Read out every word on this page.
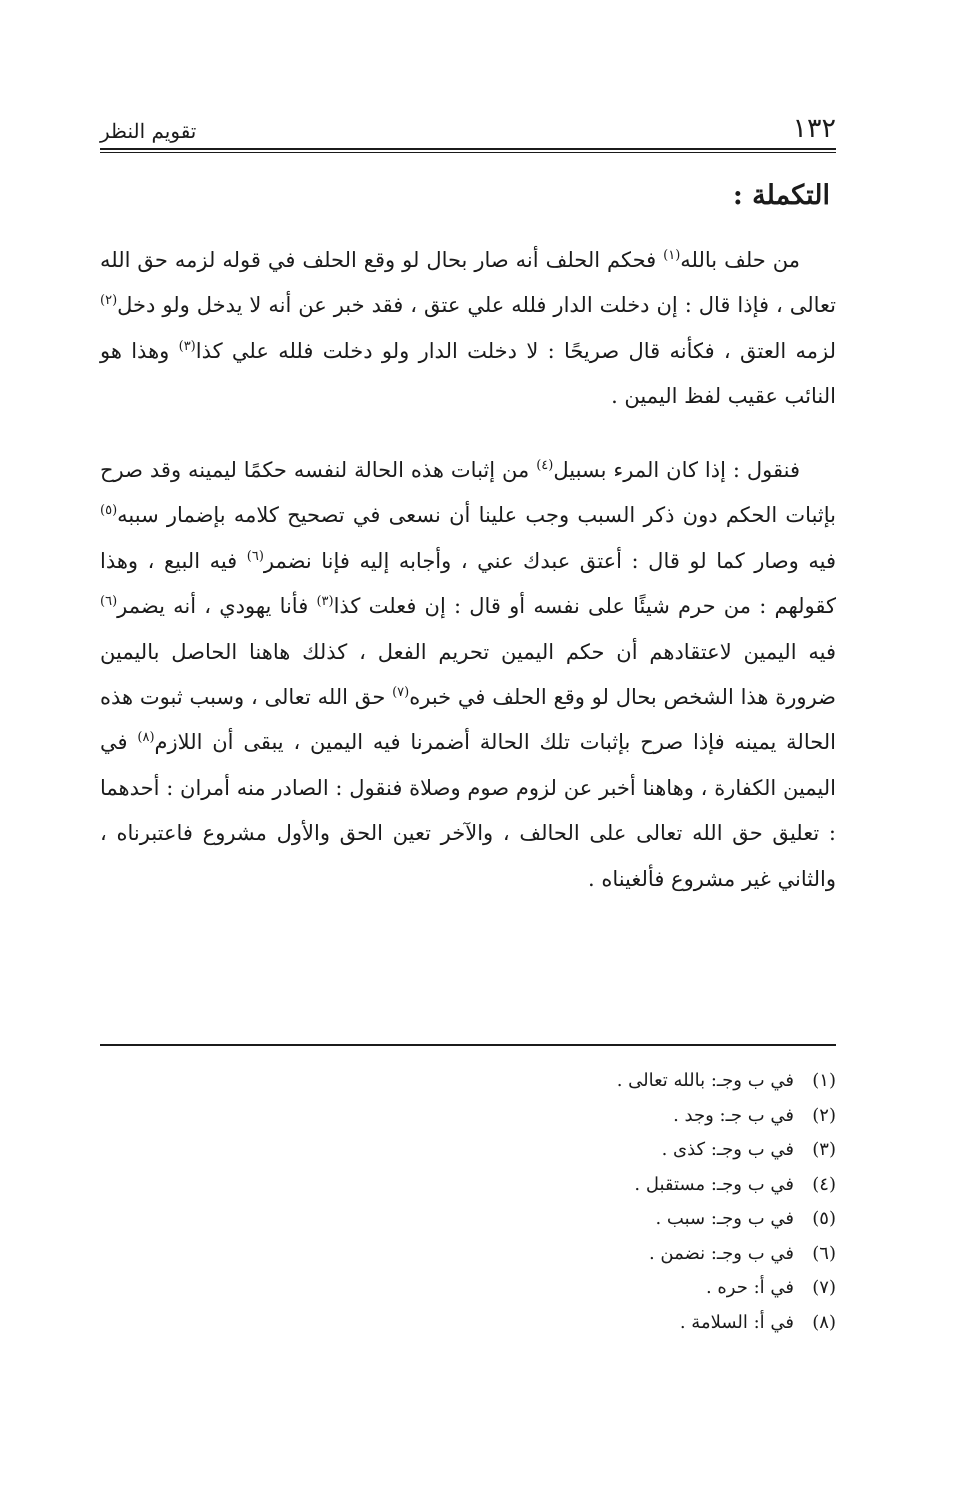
١٣٢
تقويم النظر
التكملة :

من حلف بالله$^{(١)}$ فحكم الحلف أنه صار بحال لو وقع الحلف في قوله لزمه حق الله تعالى ، فإذا قال : إن دخلت الدار فلله علي عتق ، فقد خبر عن أنه لا يدخل ولو دخل$^{(٢)}$ لزمه العتق ، فكأنه قال صريحًا : لا دخلت الدار ولو دخلت فلله علي كذا$^{(٣)}$ وهذا هو النائب عقيب لفظ اليمين .

فنقول : إذا كان المرء بسبيل$^{(٤)}$ من إثبات هذه الحالة لنفسه حكمًا ليمينه وقد صرح بإثبات الحكم دون ذكر السبب وجب علينا أن نسعى في تصحيح كلامه بإضمار سببه$^{(٥)}$ فيه وصار كما لو قال : أعتق عبدك عني ، وأجابه إليه فإنا نضمر$^{(٦)}$ فيه البيع ، وهذا كقولهم : من حرم شيئًا على نفسه أو قال : إن فعلت كذا$^{(٣)}$ فأنا يهودي ، أنه يضمر$^{(٦)}$ فيه اليمين لاعتقادهم أن حكم اليمين تحريم الفعل ، كذلك هاهنا الحاصل باليمين ضرورة هذا الشخص بحال لو وقع الحلف في خبره$^{(٧)}$ حق الله تعالى ، وسبب ثبوت هذه الحالة يمينه فإذا صرح بإثبات تلك الحالة أضمرنا فيه اليمين ، يبقى أن اللازم$^{(٨)}$ في اليمين الكفارة ، وهاهنا أخبر عن لزوم صوم وصلاة فنقول : الصادر منه أمران : أحدهما : تعليق حق الله تعالى على الحالف ، والآخر تعين الحق والأول مشروع فاعتبرناه ، والثاني غير مشروع فألغيناه .

(١)
في ب وجـ: بالله تعالى .
(٢)
في ب جـ: وجد .
(٣)
في ب وجـ: كذى .
(٤)
في ب وجـ: مستقبل .
(٥)
في ب وجـ: سبب .
(٦)
في ب وجـ: نضمن .
(٧)
في أ: حره .
(٨)
في أ: السلامة .
